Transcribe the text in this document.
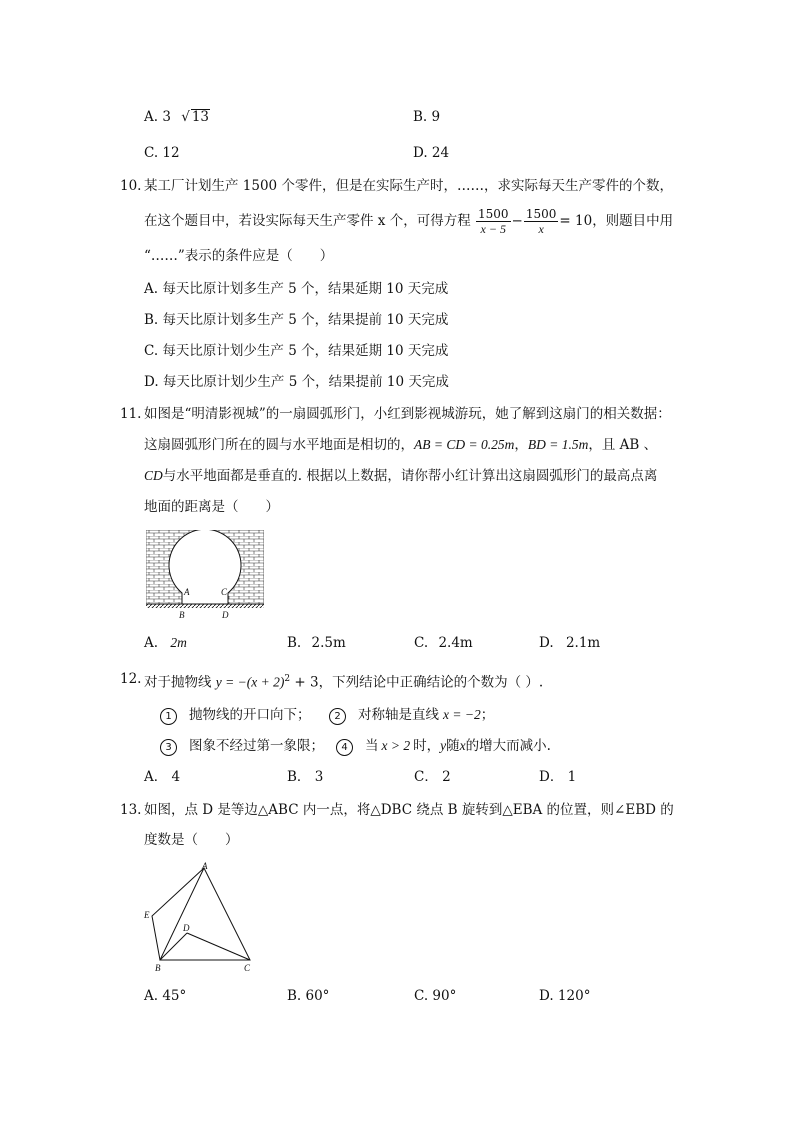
A. 3 √ 13	B. 9
C. 12	D. 24
10. 某工厂计划生产 1500 个零件，但是在实际生产时，……，求实际每天生产零件的个数，
在这个题目中，若设实际每天生产零件 x 个，可得方程 $\frac{1500}{x - 5} - \frac{1500}{x} = 10$，则题目中用
“……”表示的条件应是（　　）
A. 每天比原计划多生产 5 个，结果延期 10 天完成
B. 每天比原计划多生产 5 个，结果提前 10 天完成
C. 每天比原计划少生产 5 个，结果延期 10 天完成
D. 每天比原计划少生产 5 个，结果提前 10 天完成
11. 如图是“明清影视城”的一扇圆弧形门，小红到影视城游玩，她了解到这扇门的相关数据：
这扇圆弧形门所在的圆与水平地面是相切的，AB = CD = 0.25m，BD = 1.5m，且 AB 、
CD与水平地面都是垂直的. 根据以上数据，请你帮小红计算出这扇圆弧形门的最高点离
地面的距离是（　　）
A	C
B	D
A. 2m	B. 2.5m	C. 2.4m	D. 2.1m
12. 对于抛物线 $y = -(x + 2)^2 + 3$，下列结论中正确结论的个数为（ ）.
1 抛物线的开口向下；	2 对称轴是直线 x = −2；
3 图象不经过第一象限；	4 当 x > 2 时，y随x的增大而减小.
A． 4	B． 3	C． 2	D． 1
13. 如图，点 D 是等边△ABC 内一点，将△DBC 绕点 B 旋转到△EBA 的位置，则∠EBD 的
度数是（　　）
A
E
D
B	C
A. 45°	B. 60°	C. 90°	D. 120°
